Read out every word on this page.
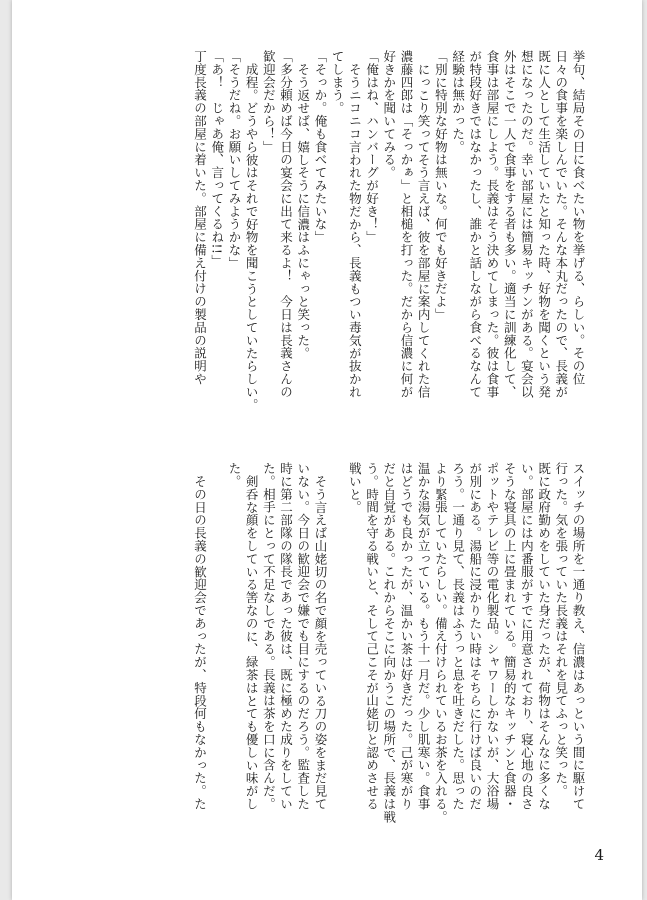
挙句、結局その日に食べたい物を挙げる、らしい。その位
日々の食事を楽しんでいた。そんな本丸だったので、長義が
既に人として生活していたと知った時、好物を聞くという発
想になったのだ。幸い部屋には簡易キッチンがある。宴会以
外はそこで一人で食事をする者も多い。適当に訓練化して、
食事は部屋にしよう。長義はそう決めてしまった。彼は食事
が特段好きではなかったし、誰かと話しながら食べるなんて
経験は無かった。
「別に特別な好物は無いな。何でも好きだよ」
にっこり笑ってそう言えば、彼を部屋に案内してくれた信
濃藤四郎は「そっかぁ」と相槌を打った。だから信濃に何が
好きかを聞いてみる。
「俺はね、ハンバーグが好き！」
そうニコニコ言われた物だから、長義もつい毒気が抜かれ
てしまう。
「そっか。俺も食べてみたいな」
そう返せば、嬉しそうに信濃はふにゃっと笑った。
「多分頼めば今日の宴会に出て来るよ！　今日は長義さんの
歓迎会だから！」
成程。どうやら彼はそれで好物を聞こうとしていたらしい。
「そうだね。お願いしてみようかな」
「あ！　じゃあ俺、言ってくるね!!」
丁度長義の部屋に着いた。部屋に備え付けの製品の説明や
スイッチの場所を一通り教え、信濃はあっという間に駆けて
行った。気を張っていた長義はそれを見てふっと笑った。
既に政府勤めをしていた身だったが、荷物はそんなに多くな
い。部屋には内番服がすでに用意されており、寝心地の良さ
そうな寝具の上に畳まれている。簡易的なキッチンと食器・
ポットやテレビ等の電化製品。シャワーしかないが、大浴場
が別にある。湯船に浸かりたい時はそちらに行けば良いのだ
ろう。一通り見て、長義はふうっと息を吐きだした。思った
より緊張していたらしい。備え付けられているお茶を入れる。
温かな湯気が立っている。もう十一月だ。少し肌寒い。食事
はどうでも良かったが、温かい茶は好きだった。己が寒がり
だと自覚がある。これからそこに向かうこの場所で、長義は戦
う。時間を守る戦いと、そして己こそが山姥切と認めさせる
戦いと。
そう言えば山姥切の名で顔を売っている刀の姿をまだ見て
いない。今日の歓迎会で嫌でも目にするのだろう。監査した
時に第二部隊の隊長であった彼は、既に極めた成りをしてい
た。相手にとって不足なしである。長義は茶を口に含んだ。
剣呑な顔をしている筈なのに、緑茶はとても優しい味がし
た。
その日の長義の歓迎会であったが、特段何もなかった。た
4
